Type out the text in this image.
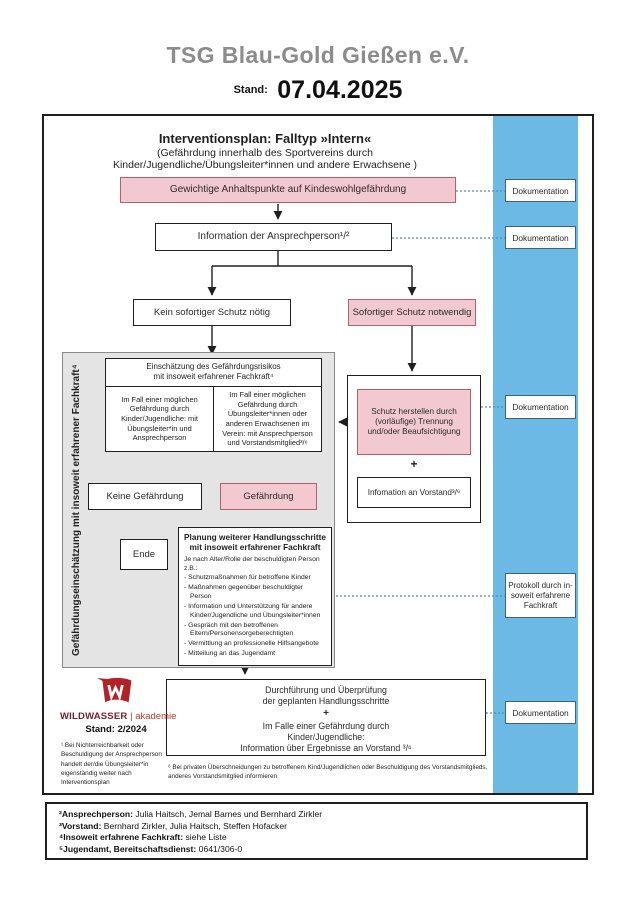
TSG Blau-Gold Gießen e.V.
$^{Stand:}$ 07.04.2025
Interventionsplan: Falltyp »Intern«
(Gefährdung innerhalb des Sportvereins durch
Kinder/Jugendliche/Übungsleiter*innen und andere Erwachsene )
Gewichtige Anhaltspunkte auf Kindeswohlgefährdung
Information der Ansprechperson¹/²
Kein sofortiger Schutz nötig	Sofortiger Schutz notwendig
Gefährdungseinschätzung mit insoweit erfahrener Fachkraft⁴	Einschätzung des Gefährdungsrisikos
mit insoweit erfahrener Fachkraft⁴
Im Fall einer möglichen Gefährdung durch Kinder/Jugendliche: mit Übungsleiter*in und Ansprechperson
Im Fall einer möglichen Gefährdung durch Übungsleiter*innen oder anderen Erwachsenen im Verein: mit Ansprechperson und Vorstandsmitglied³/⁶
Keine Gefährdung	Gefährdung
Ende
Planung weiterer Handlungsschritte
mit insoweit erfahrener Fachkraft
Je nach Alter/Rolle der beschuldigten Person z.B.:
- Schutzmaßnahmen für betroffene Kinder
- Maßnahmen gegenüber beschuldigter Person
- Information und Unterstützung für andere Kinder/Jugendliche und Übungsleiter*innen
- Gespräch mit den betroffenen Eltern/Personensorgeberechtigten
- Vermittlung an professionelle Hilfsangebote
- Mitteilung an das Jugendamt
Schutz herstellen durch (vorläufige) Trennung und/oder Beaufsichtigung
+
Infomation an Vorstand³/⁶
Durchführung und Überprüfung
der geplanten Handlungsschritte
+
Im Falle einer Gefährdung durch
Kinder/Jugendliche:
Information über Ergebnisse an Vorstand ³/⁶
Dokumentation
Dokumentation
Dokumentation
Protokoll durch in-soweit erfahrene Fachkraft
Dokumentation
WILDWASSER | akademie
Stand: 2/2024
¹ Bei Nichterreichbarkeit oder Beschuldigung der Ansprechperson handelt der/die Übungsleiter*in eigenständig weiter nach Interventionsplan
⁶ Bei privaten Überschneidungen zu betroffenem Kind/Jugendlichen oder Beschuldigung des Vorstandsmitglieds, anderes Vorstandsmitglied informieren
²Ansprechperson: Julia Haitsch, Jemal Barnes und Bernhard Zirkler
³Vorstand: Bernhard Zirkler, Julia Haitsch, Steffen Hofacker
⁴Insoweit erfahrene Fachkraft: siehe Liste
⁵Jugendamt, Bereitschaftsdienst: 0641/306-0
